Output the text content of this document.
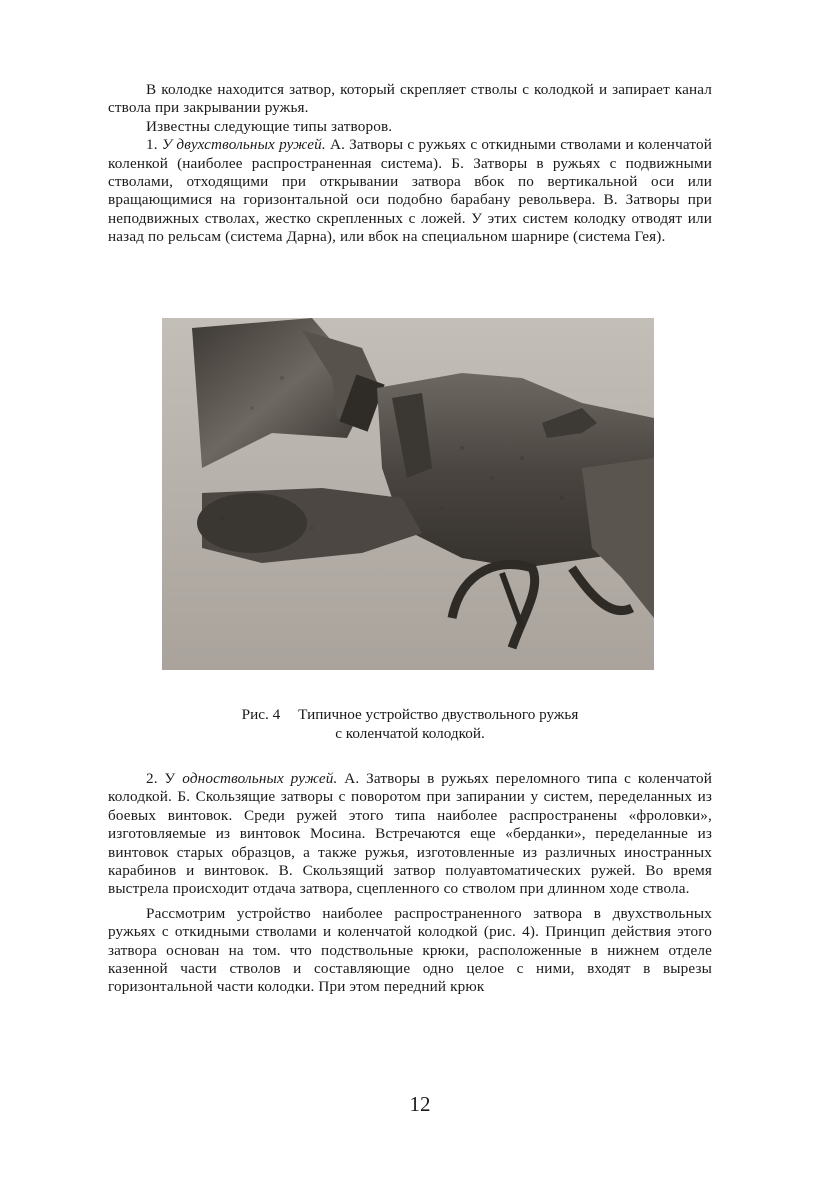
В колодке находится затвор, который скрепляет стволы с колодкой и запирает канал ствола при закрывании ружья.

Известны следующие типы затворов.

1. У двухствольных ружей. А. Затворы с ружьях с откидными стволами и коленчатой коленкой (наиболее распространенная система). Б. Затворы в ружьях с подвижными стволами, отходящими при открывании затвора вбок по вертикальной оси или вращающимися на горизонтальной оси подобно барабану револьвера. В. Затворы при неподвижных стволах, жестко скрепленных с ложей. У этих систем колодку отводят или назад по рельсам (система Дарна), или вбок на специальном шарнире (система Гея).

Рис. 4 Типичное устройство двуствольного ружья
с коленчатой колодкой.

2. У одноствольных ружей. А. Затворы в ружьях переломного типа с коленчатой колодкой. Б. Скользящие затворы с поворотом при запирании у систем, переделанных из боевых винтовок. Среди ружей этого типа наиболее распространены «фроловки», изготовляемые из винтовок Мосина. Встречаются еще «берданки», переделанные из винтовок старых образцов, а также ружья, изготовленные из различных иностранных карабинов и винтовок. В. Скользящий затвор полуавтоматических ружей. Во время выстрела происходит отдача затвора, сцепленного со стволом при длинном ходе ствола.

Рассмотрим устройство наиболее распространенного затвора в двухствольных ружьях с откидными стволами и коленчатой колодкой (рис. 4). Принцип действия этого затвора основан на том. что подствольные крюки, расположенные в нижнем отделе казенной части стволов и составляющие одно целое с ними, входят в вырезы горизонтальной части колодки. При этом передний крюк

12
